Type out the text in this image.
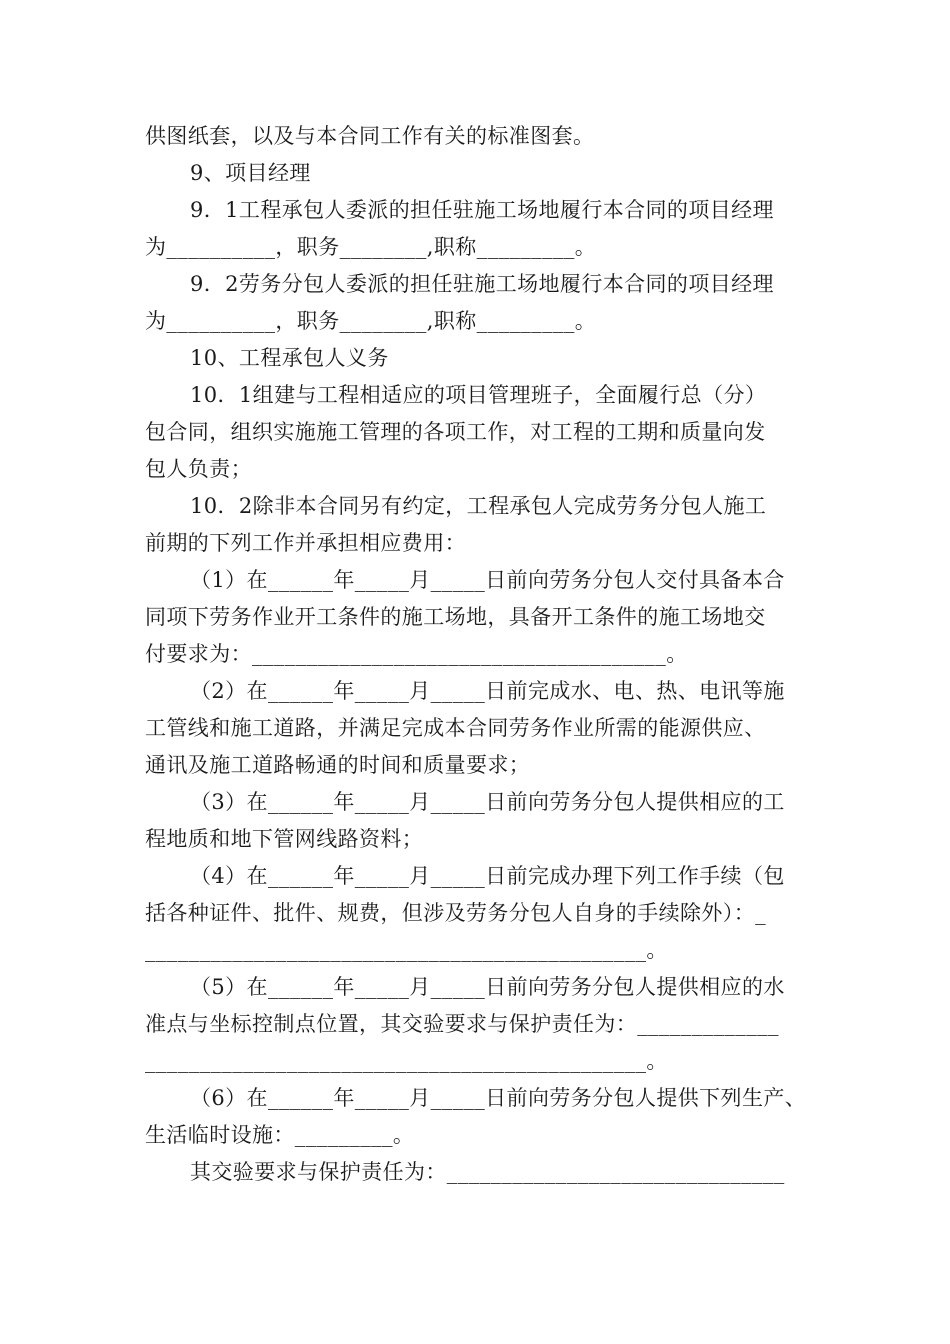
供图纸套，以及与本合同工作有关的标准图套。
9、项目经理
9．1工程承包人委派的担任驻施工场地履行本合同的项目经理
为__________，职务________,职称_________。
9．2劳务分包人委派的担任驻施工场地履行本合同的项目经理
为__________，职务________,职称_________。
10、工程承包人义务
10．1组建与工程相适应的项目管理班子，全面履行总（分）
包合同，组织实施施工管理的各项工作，对工程的工期和质量向发
包人负责；
10．2除非本合同另有约定，工程承包人完成劳务分包人施工
前期的下列工作并承担相应费用：
（1）在______年_____月_____日前向劳务分包人交付具备本合
同项下劳务作业开工条件的施工场地，具备开工条件的施工场地交
付要求为：______________________________________。
（2）在______年_____月_____日前完成水、电、热、电讯等施
工管线和施工道路，并满足完成本合同劳务作业所需的能源供应、
通讯及施工道路畅通的时间和质量要求；
（3）在______年_____月_____日前向劳务分包人提供相应的工
程地质和地下管网线路资料；
（4）在______年_____月_____日前完成办理下列工作手续（包
括各种证件、批件、规费，但涉及劳务分包人自身的手续除外）：_
______________________________________________。
（5）在______年_____月_____日前向劳务分包人提供相应的水
准点与坐标控制点位置，其交验要求与保护责任为：_____________
______________________________________________。
（6）在______年_____月_____日前向劳务分包人提供下列生产、
生活临时设施：_________。
其交验要求与保护责任为：_______________________________
